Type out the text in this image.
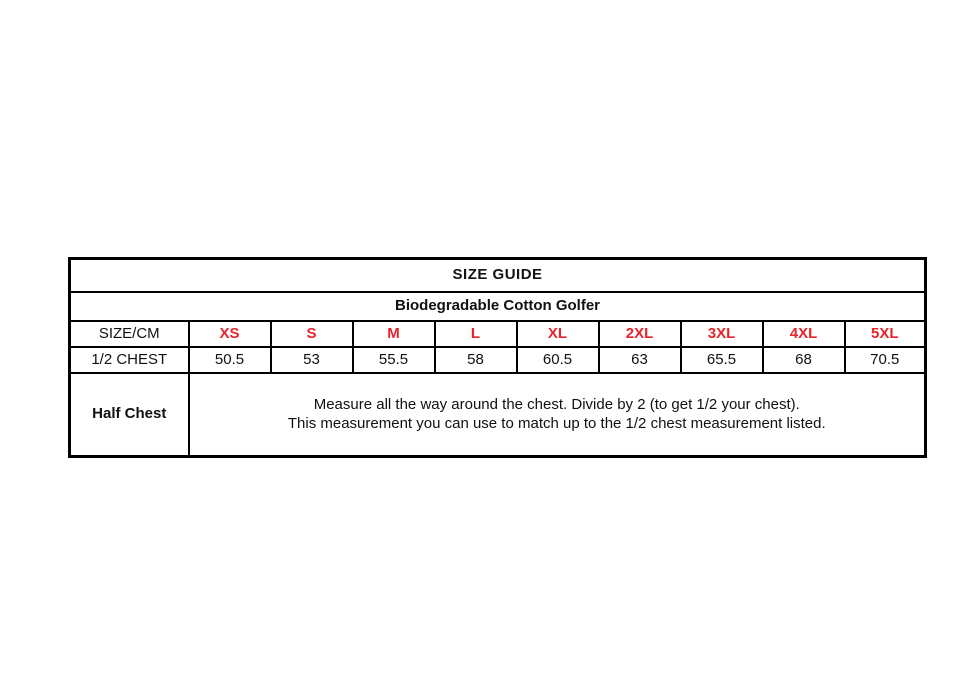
SIZE GUIDE									
Biodegradable Cotton Golfer									
SIZE/CM	XS	S	M	L	XL	2XL	3XL	4XL	5XL
1/2 CHEST	50.5	53	55.5	58	60.5	63	65.5	68	70.5
Half Chest	Measure all the way around the chest. Divide by 2 (to get 1/2 your chest).
This measurement you can use to match up to the 1/2 chest measurement listed.								
